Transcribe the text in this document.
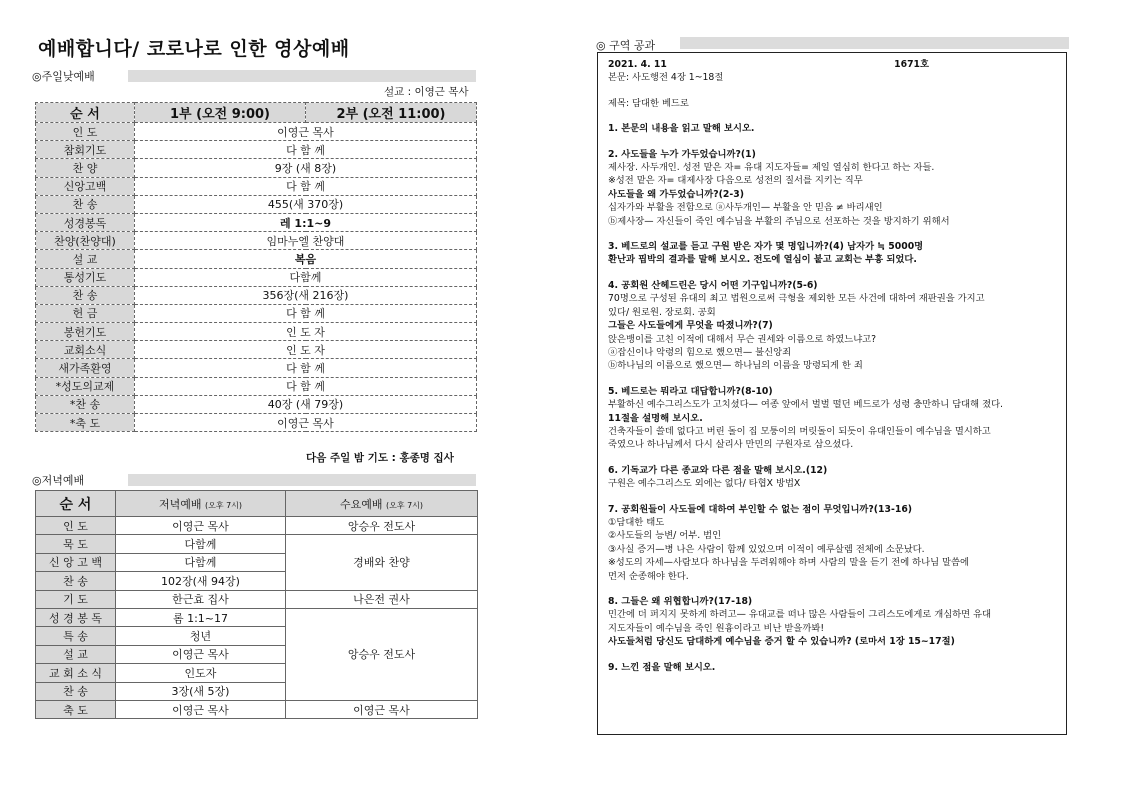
예배합니다/ 코로나로 인한 영상예배
◎주일낮예배
설교 : 이영근 목사
순 서	1부 (오전 9:00)	2부 (오전 11:00)
인 도	이영근 목사	
참회기도	다 함 께	
찬 양	9장 (새 8장)	
신앙고백	다 함 께	
찬 송	455(새 370장)	
성경봉독	레 1:1~9	
찬양(찬양대)	임마누엘 찬양대	
설 교	복음	
통성기도	다함께	
찬 송	356장(새 216장)	
헌 금	다 함 께	
봉헌기도	인 도 자	
교회소식	인 도 자	
새가족환영	다 함 께	
*성도의교제	다 함 께	
*찬 송	40장 (새 79장)	
*축 도	이영근 목사	
다음 주일 밤 기도 : 홍종명 집사
◎저녁예배
순 서	저녁예배 (오후 7시)	수요예배 (오후 7시)
인 도	이영근 목사	앙승우 전도사
묵 도	다함께	경배와 찬양
신 앙 고 백	다함께	
찬 송	102장(새 94장)	
기 도	한근효 집사	나은전 권사
성 경 봉 독	롬 1:1~17	앙승우 전도사
특 송	청년	
설 교	이영근 목사	
교 회 소 식	인도자	
찬 송	3장(새 5장)	
축 도	이영근 목사	이영근 목사
◎ 구역 공과
2021. 4. 11	1671호
본문: 사도행전 4장 1~18절
제목: 담대한 베드로
1. 본문의 내용을 읽고 말해 보시오.
2. 사도들을 누가 가두었습니까?(1)
제사장. 사두개인. 성전 맡은 자= 유대 지도자들= 제일 열심히 한다고 하는 자들.
※성전 맡은 자= 대제사장 다음으로 성전의 질서를 지키는 직무
사도들을 왜 가두었습니까?(2-3)
십자가와 부활을 전함으로 ⓐ사두개인— 부활을 안 믿음 ≠ 바리새인
ⓑ제사장— 자신들이 죽인 예수님을 부활의 주님으로 선포하는 것을 방지하기 위해서
3. 베드로의 설교를 듣고 구원 받은 자가 몇 명입니까?(4) 남자가 ≒ 5000명
환난과 핍박의 결과를 말해 보시오. 전도에 열심이 붙고 교회는 부흥 되었다.
4. 공회원 산헤드린은 당시 어떤 기구입니까?(5-6)
70명으로 구성된 유대의 최고 법원으로써 극형을 제외한 모든 사건에 대하여 재판권을 가지고
있다/ 원로원. 장로회. 공회
그들은 사도들에게 무엇을 따졌니까?(7)
앉은뱅이를 고친 이적에 대해서 무슨 권세와 이름으로 하였느냐고?
ⓐ잡신이나 악령의 힘으로 했으면— 불신앙죄
ⓑ하나님의 이름으로 했으면— 하나님의 이름을 망령되게 한 죄
5. 베드로는 뭐라고 대답합니까?(8-10)
부활하신 예수그리스도가 고치셨다— 여종 앞에서 벌벌 떨던 베드로가 성령 충만하니 담대해 졌다.
11절을 설명해 보시오.
건축자들이 쓸데 없다고 버린 돌이 집 모퉁이의 머릿돌이 되듯이 유대인들이 예수님을 멸시하고
죽였으나 하나님께서 다시 살리사 만민의 구원자로 삼으셨다.
6. 기독교가 다른 종교와 다른 점을 말해 보시오.(12)
구원은 예수그리스도 외에는 없다/ 타협X 방법X
7. 공회원들이 사도들에 대하여 부인할 수 없는 점이 무엇입니까?(13-16)
①담대한 태도
②사도들의 능변/ 어부. 범인
③사실 증거—병 나은 사람이 함께 있었으며 이적이 예루살렘 전체에 소문났다.
※성도의 자세—사람보다 하나님을 두려워해야 하며 사람의 말을 듣기 전에 하나님 말씀에
먼저 순종해야 한다.
8. 그들은 왜 위협합니까?(17-18)
민간에 더 퍼지지 못하게 하려고— 유대교를 떠나 많은 사람들이 그리스도에게로 개심하면 유대
지도자들이 예수님을 죽인 원흉이라고 비난 받을까봐!
사도들처럼 당신도 담대하게 예수님을 증거 할 수 있습니까? (로마서 1장 15~17절)
9. 느낀 점을 말해 보시오.
